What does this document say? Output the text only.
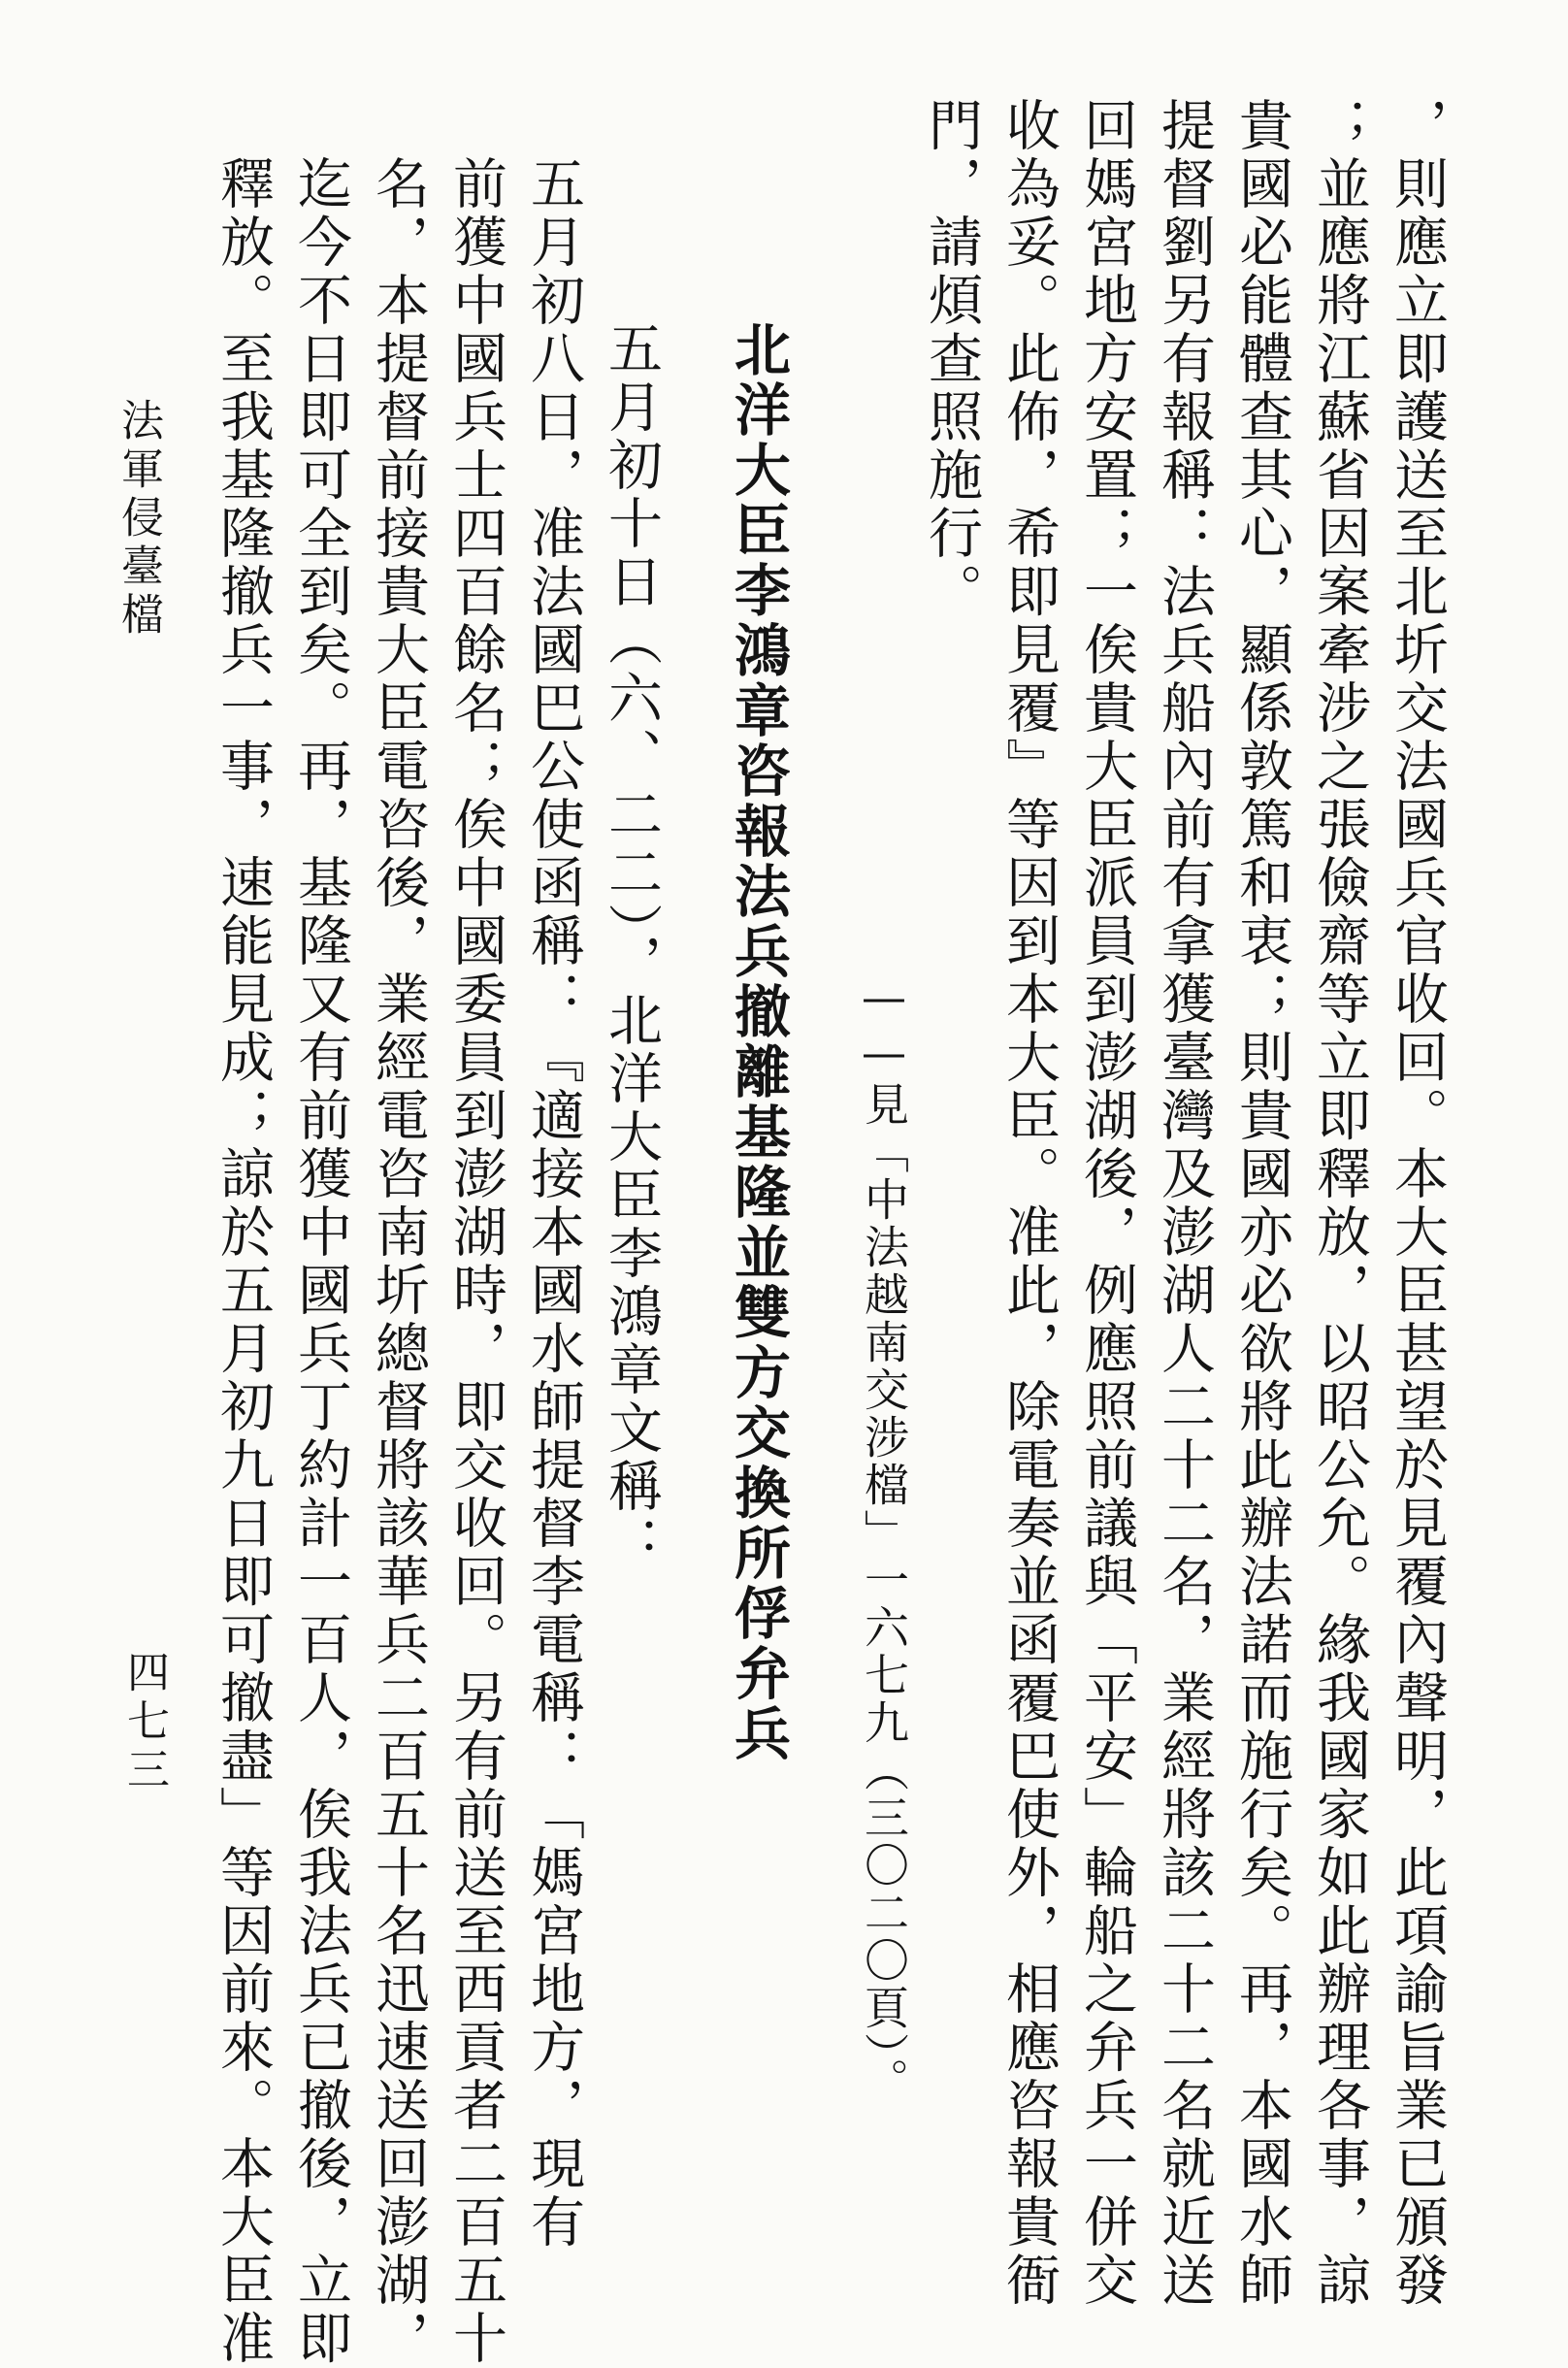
，則應立即護送至北圻交法國兵官收回。本大臣甚望於見覆內聲明，此項諭旨業已頒發

；並應將江蘇省因案牽涉之張儉齋等立即釋放，以昭公允。緣我國家如此辦理各事，諒

貴國必能體查其心，顯係敦篤和衷；則貴國亦必欲將此辦法諾而施行矣。再，本國水師

提督劉另有報稱：法兵船內前有拿獲臺灣及澎湖人二十二名，業經將該二十二名就近送

回媽宮地方安置；一俟貴大臣派員到澎湖後，例應照前議與「平安」輪船之弁兵一併交

收為妥。此佈，希即見覆』等因到本大臣。准此，除電奏並函覆巴使外，相應咨報貴衙

門，請煩查照施行。

——見「中法越南交涉檔」一六七九（三〇二〇頁）。

北洋大臣李鴻章咨報法兵撤離基隆並雙方交換所俘弁兵

五月初十日（六、二二），北洋大臣李鴻章文稱：

五月初八日，准法國巴公使函稱：『適接本國水師提督李電稱：「媽宮地方，現有

前獲中國兵士四百餘名；俟中國委員到澎湖時，即交收回。另有前送至西貢者二百五十

名，本提督前接貴大臣電咨後，業經電咨南圻總督將該華兵二百五十名迅速送回澎湖，

迄今不日即可全到矣。再，基隆又有前獲中國兵丁約計一百人，俟我法兵已撤後，立即

釋放。至我基隆撤兵一事，速能見成；諒於五月初九日即可撤盡」等因前來。本大臣准

法軍侵臺檔
四七三
